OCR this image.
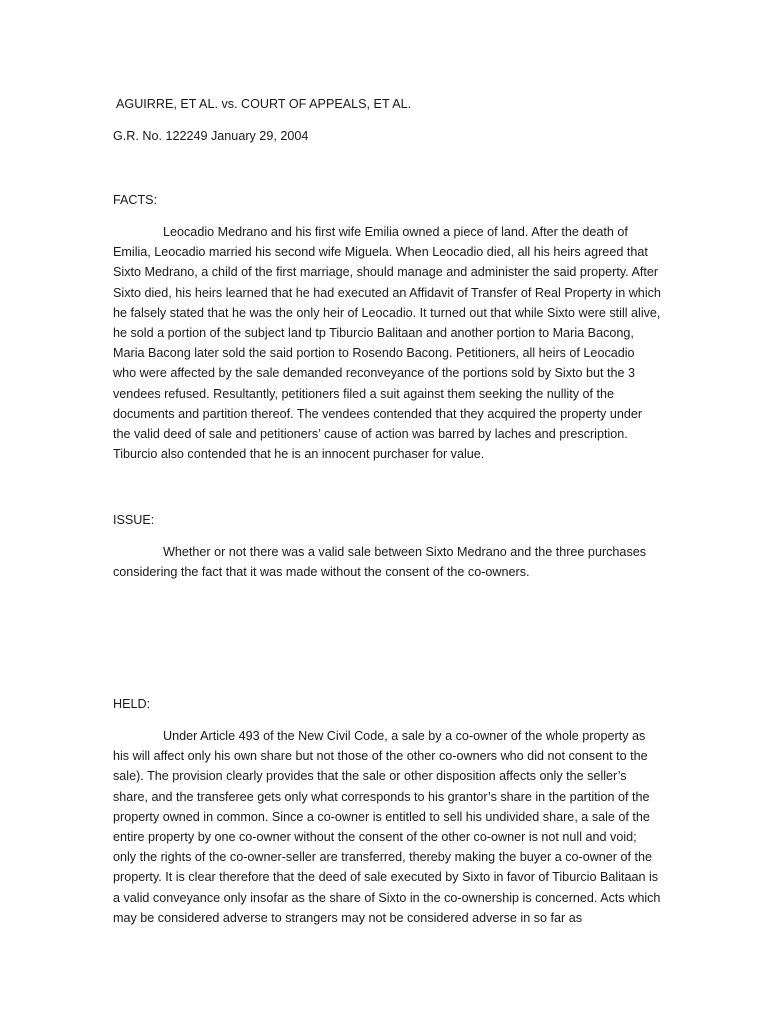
AGUIRRE, ET AL. vs. COURT OF APPEALS, ET AL.

G.R. No. 122249 January 29, 2004

FACTS:

Leocadio Medrano and his first wife Emilia owned a piece of land. After the death of Emilia, Leocadio married his second wife Miguela. When Leocadio died, all his heirs agreed that Sixto Medrano, a child of the first marriage, should manage and administer the said property. After Sixto died, his heirs learned that he had executed an Affidavit of Transfer of Real Property in which he falsely stated that he was the only heir of Leocadio. It turned out that while Sixto were still alive, he sold a portion of the subject land tp Tiburcio Balitaan and another portion to Maria Bacong, Maria Bacong later sold the said portion to Rosendo Bacong. Petitioners, all heirs of Leocadio who were affected by the sale demanded reconveyance of the portions sold by Sixto but the 3 vendees refused. Resultantly, petitioners filed a suit against them seeking the nullity of the documents and partition thereof. The vendees contended that they acquired the property under the valid deed of sale and petitioners’ cause of action was barred by laches and prescription. Tiburcio also contended that he is an innocent purchaser for value.

ISSUE:

Whether or not there was a valid sale between Sixto Medrano and the three purchases considering the fact that it was made without the consent of the co-owners.

HELD:

Under Article 493 of the New Civil Code, a sale by a co-owner of the whole property as his will affect only his own share but not those of the other co-owners who did not consent to the sale). The provision clearly provides that the sale or other disposition affects only the seller’s share, and the transferee gets only what corresponds to his grantor’s share in the partition of the property owned in common. Since a co-owner is entitled to sell his undivided share, a sale of the entire property by one co-owner without the consent of the other co-owner is not null and void; only the rights of the co-owner-seller are transferred, thereby making the buyer a co-owner of the property. It is clear therefore that the deed of sale executed by Sixto in favor of Tiburcio Balitaan is a valid conveyance only insofar as the share of Sixto in the co-ownership is concerned. Acts which may be considered adverse to strangers may not be considered adverse in so far as
